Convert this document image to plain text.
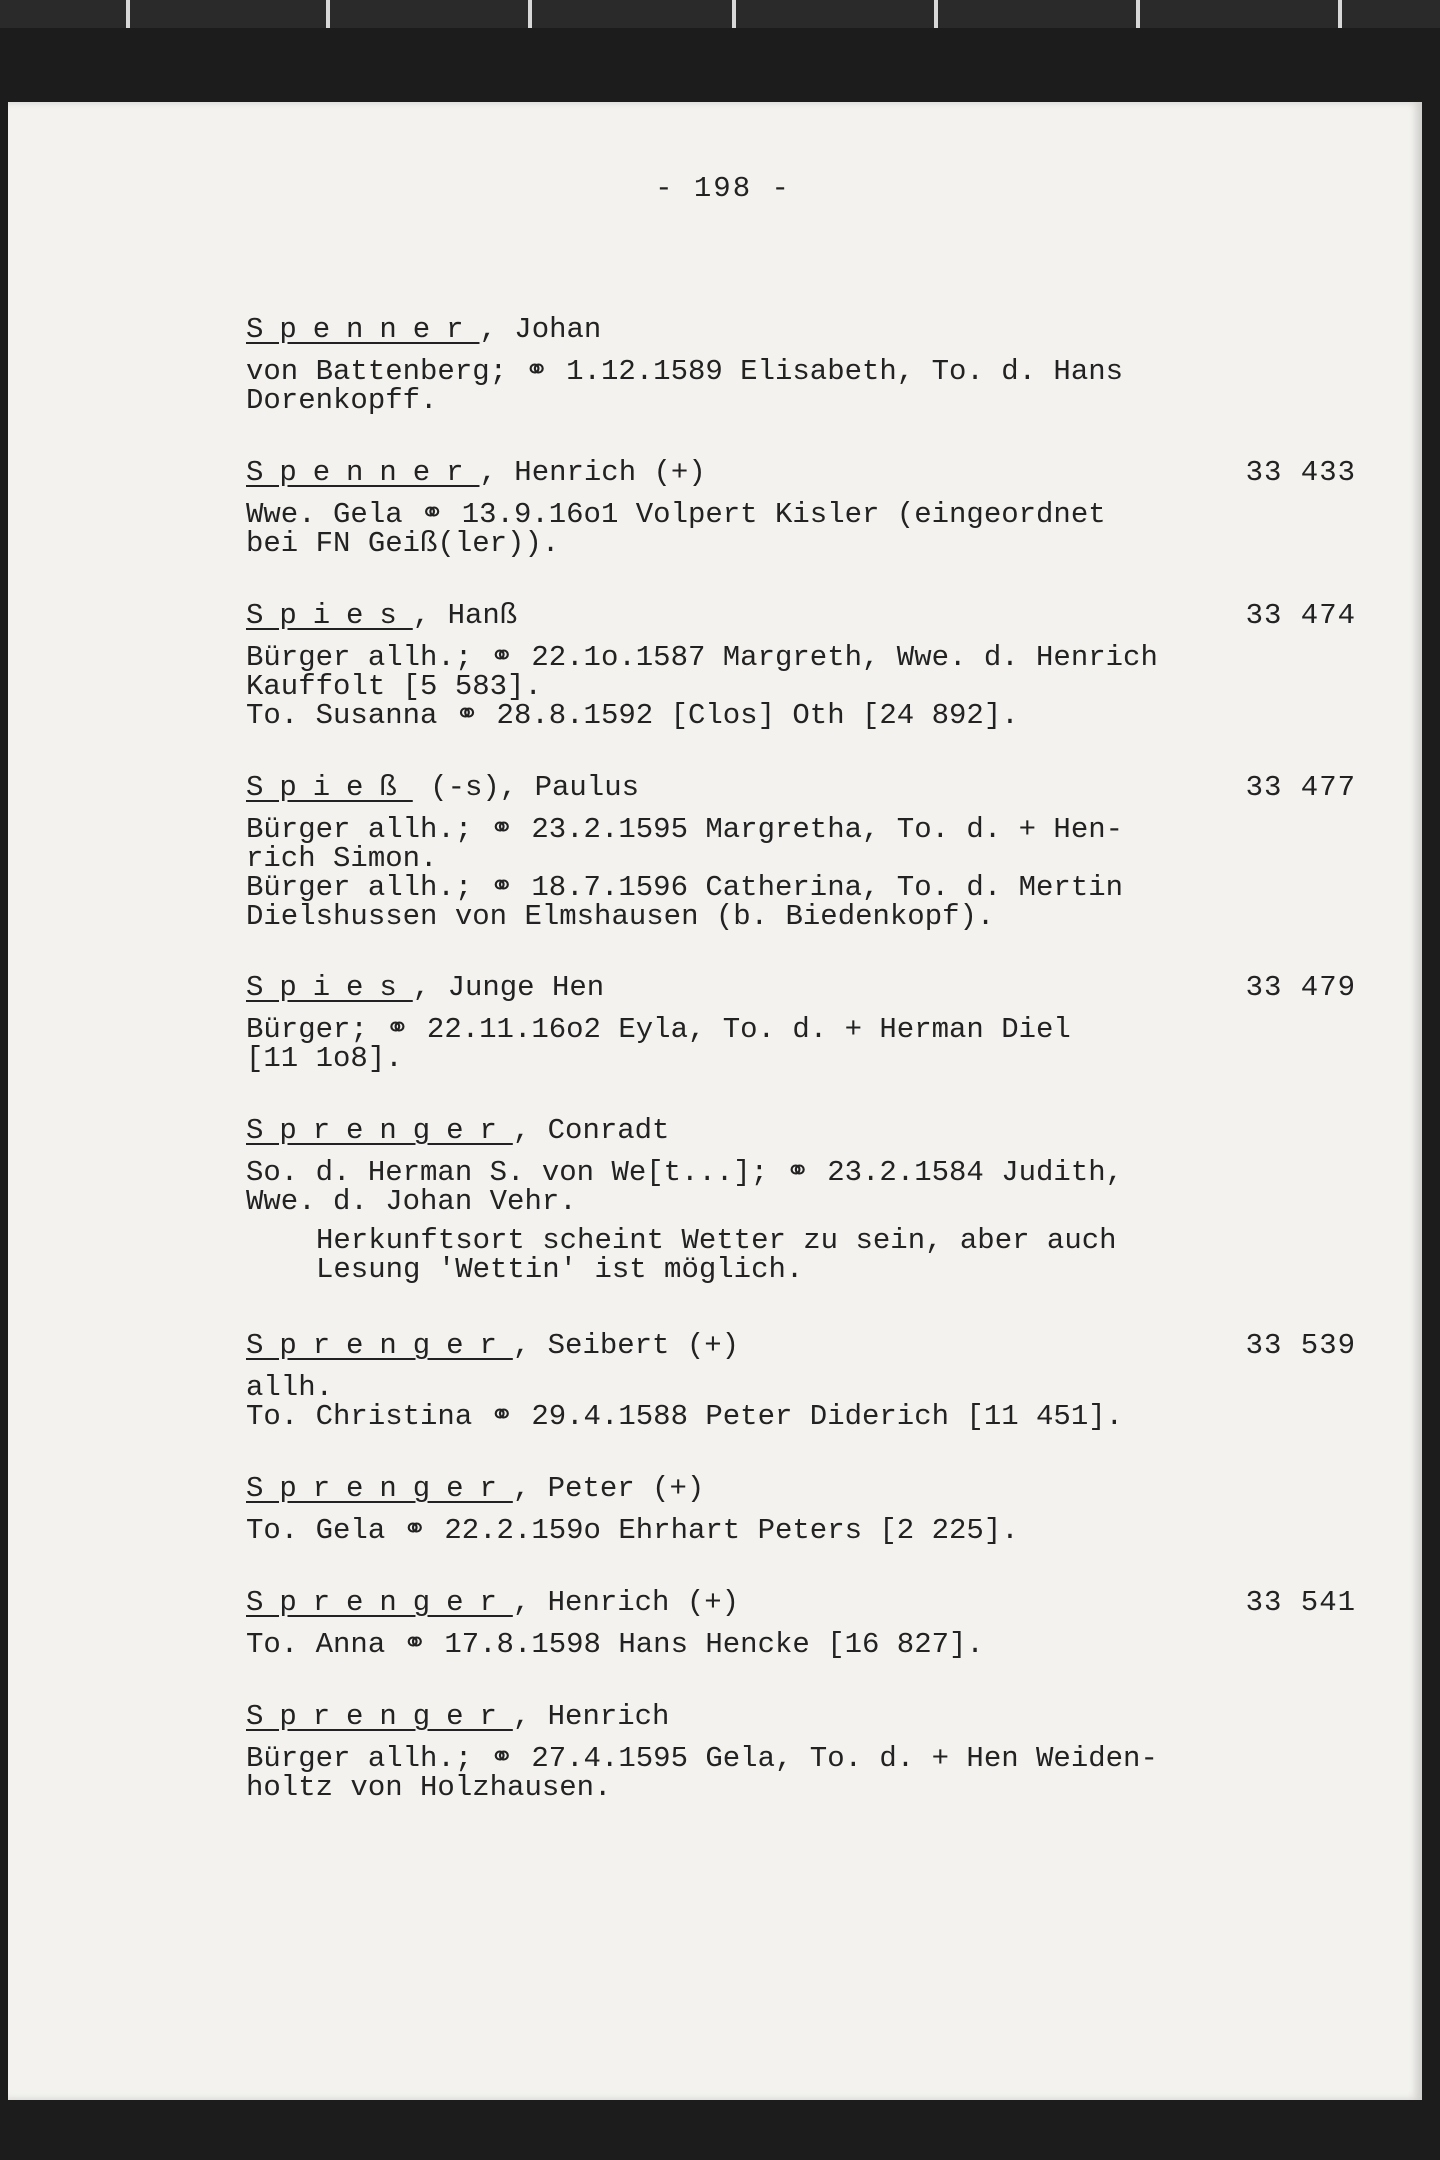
- 198 -
Spenner, Johan
von Battenberg; ⚭ 1.12.1589 Elisabeth, To. d. Hans
Dorenkopff.
Spenner, Henrich (+)	33 433
Wwe. Gela ⚭ 13.9.16o1 Volpert Kisler (eingeordnet
bei FN Geiß(ler)).
Spies, Hanß	33 474
Bürger allh.; ⚭ 22.1o.1587 Margreth, Wwe. d. Henrich
Kauffolt [5 583].
To. Susanna ⚭ 28.8.1592 [Clos] Oth [24 892].
Spieß (-s), Paulus	33 477
Bürger allh.; ⚭ 23.2.1595 Margretha, To. d. + Hen-
rich Simon.
Bürger allh.; ⚭ 18.7.1596 Catherina, To. d. Mertin
Dielshussen von Elmshausen (b. Biedenkopf).
Spies, Junge Hen	33 479
Bürger; ⚭ 22.11.16o2 Eyla, To. d. + Herman Diel
[11 1o8].
Sprenger, Conradt
So. d. Herman S. von We[t...]; ⚭ 23.2.1584 Judith,
Wwe. d. Johan Vehr.
Herkunftsort scheint Wetter zu sein, aber auch
Lesung 'Wettin' ist möglich.
Sprenger, Seibert (+)	33 539
allh.
To. Christina ⚭ 29.4.1588 Peter Diderich [11 451].
Sprenger, Peter (+)
To. Gela ⚭ 22.2.159o Ehrhart Peters [2 225].
Sprenger, Henrich (+)	33 541
To. Anna ⚭ 17.8.1598 Hans Hencke [16 827].
Sprenger, Henrich
Bürger allh.; ⚭ 27.4.1595 Gela, To. d. + Hen Weiden-
holtz von Holzhausen.
